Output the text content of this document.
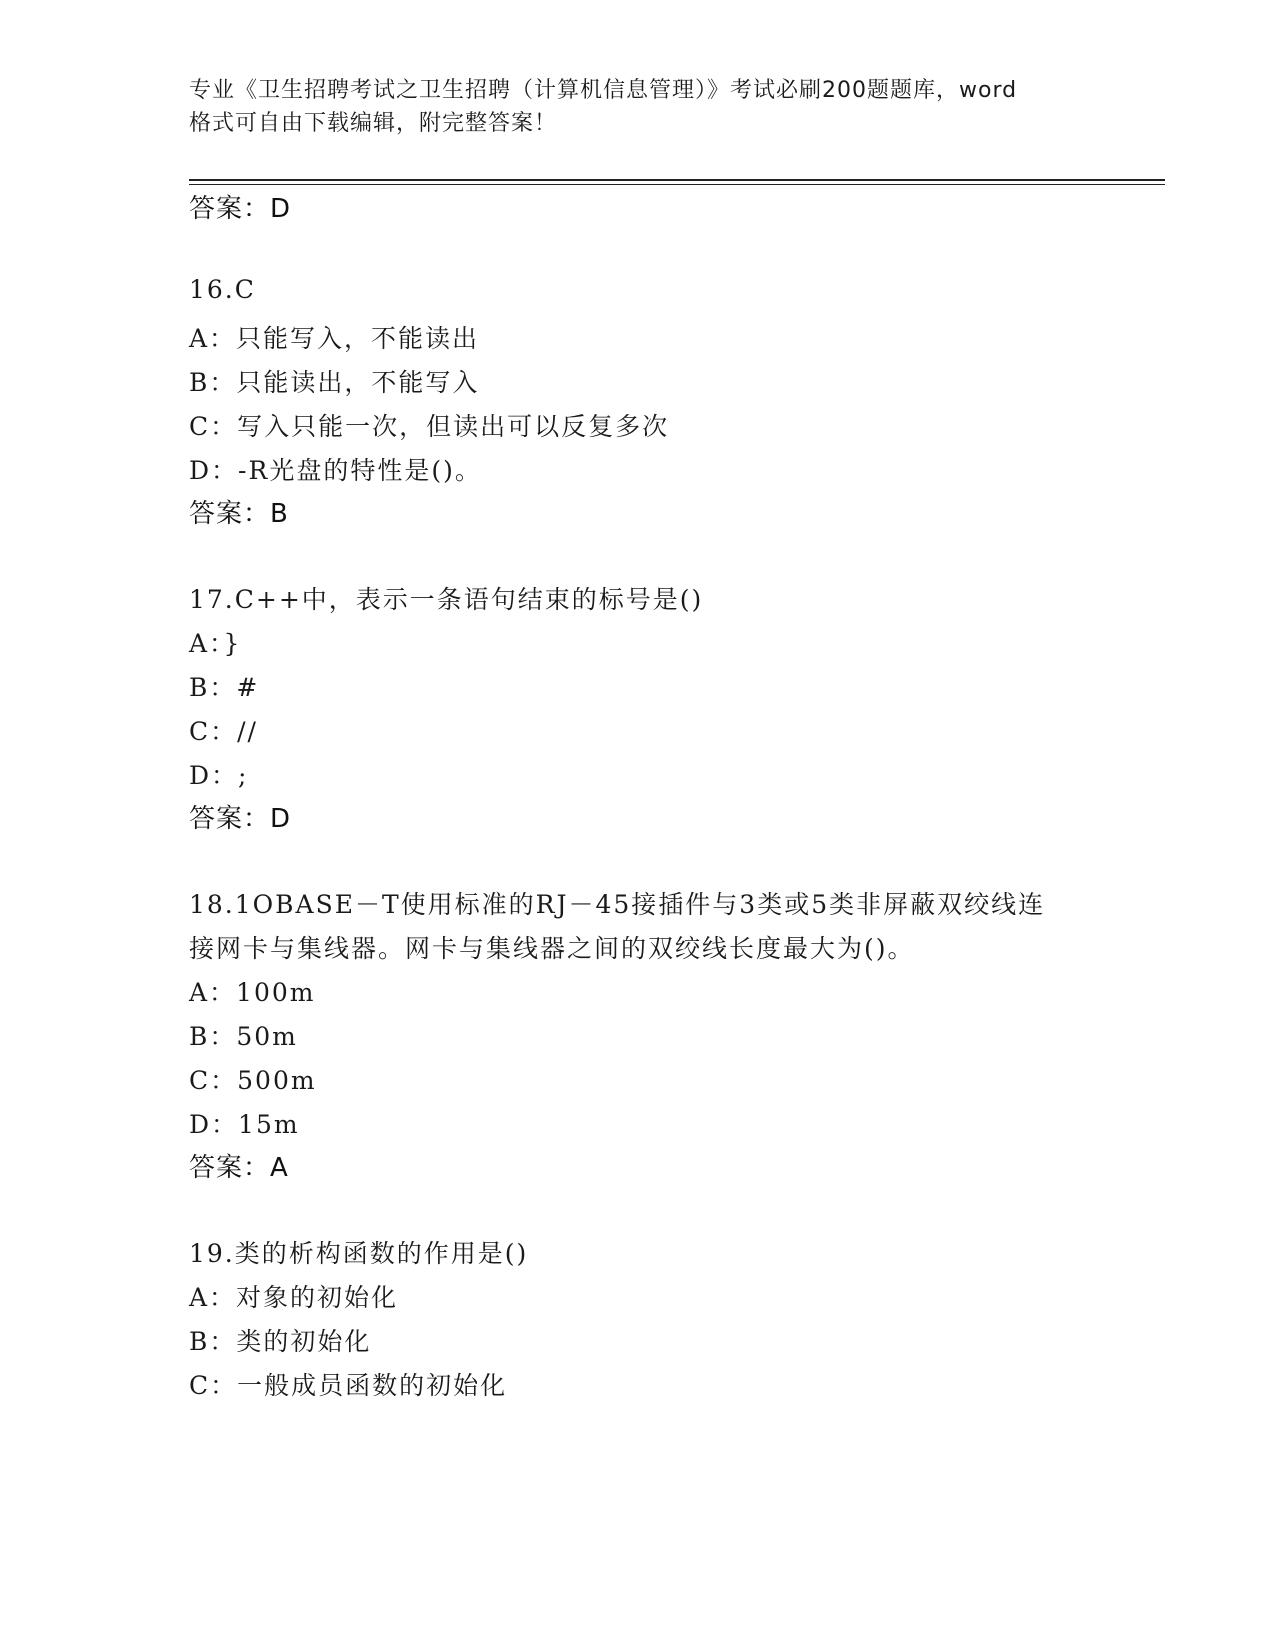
专业《卫生招聘考试之卫生招聘（计算机信息管理）》考试必刷200题题库，word
格式可自由下载编辑，附完整答案！
答案：D
16.C
A：只能写入，不能读出
B：只能读出，不能写入
C：写入只能一次，但读出可以反复多次
D：-R光盘的特性是()。
答案：B
17.C++中，表示一条语句结束的标号是()
A：}
B：#
C：//
D：;
答案：D
18.1OBASE－T使用标准的RJ－45接插件与3类或5类非屏蔽双绞线连
接网卡与集线器。网卡与集线器之间的双绞线长度最大为()。
A：100m
B：50m
C：500m
D：15m
答案：A
19.类的析构函数的作用是()
A：对象的初始化
B：类的初始化
C：一般成员函数的初始化
